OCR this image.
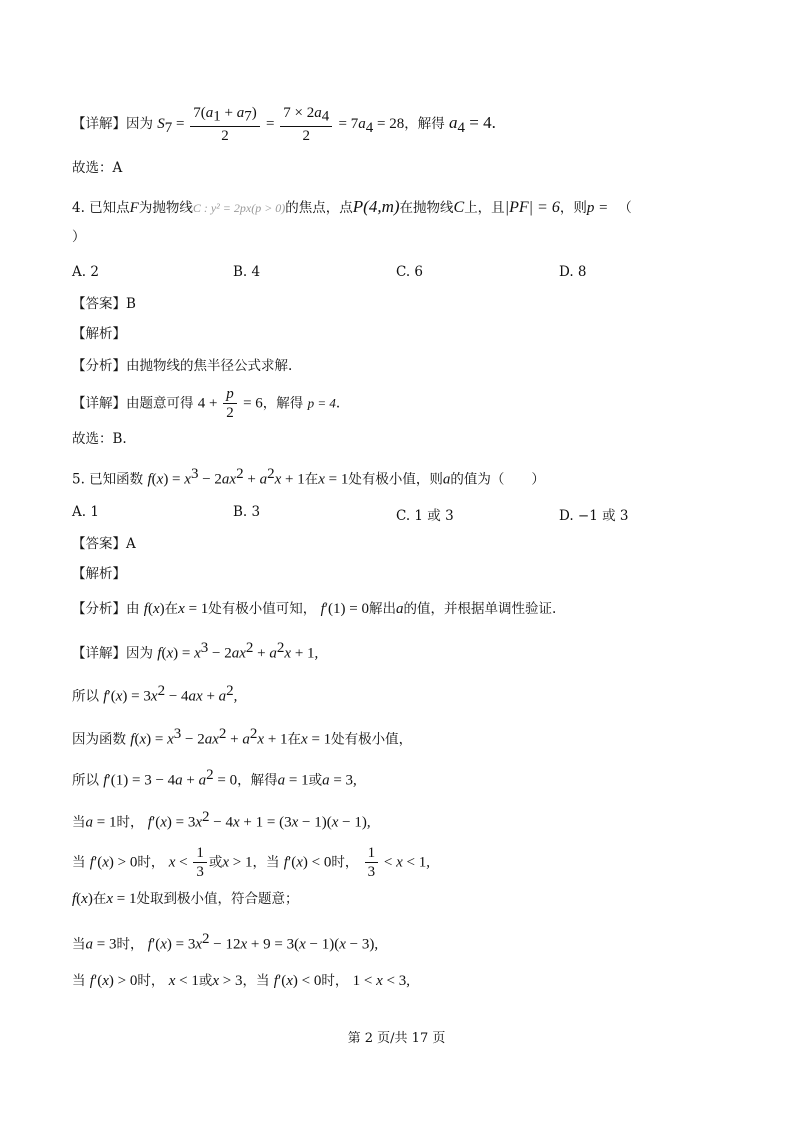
【详解】因为 $S_7 = \frac{7(a_1 + a_7)}{2} = \frac{7 \times 2a_4}{2} = 7a_4 = 28$，解得 $a_4 = 4$.
故选：A
4. 已知点F为抛物线C : y² = 2px(p > 0)的焦点，点P(4,m)在抛物线C上，且|PF| = 6，则p = （
）
A. 2	B. 4	C. 6	D. 8
【答案】B
【解析】
【分析】由抛物线的焦半径公式求解.
【详解】由题意可得 $4 + \frac{p}{2} = 6$，解得 p = 4.
故选：B.
5. 已知函数 $f(x) = x^3 - 2ax^2 + a^2x + 1$在x = 1处有极小值，则a的值为（　　）
A. 1	B. 3	C. 1 或 3	D. −1 或 3
【答案】A
【解析】
【分析】由 f(x)在x = 1处有极小值可知， f′(1) = 0解出a的值，并根据单调性验证.
【详解】因为 $f(x) = x^3 - 2ax^2 + a^2x + 1$,
所以 $f'(x) = 3x^2 - 4ax + a^2$,
因为函数 $f(x) = x^3 - 2ax^2 + a^2x + 1$在x = 1处有极小值，
所以 $f'(1) = 3 - 4a + a^2 = 0$，解得a = 1或a = 3,
当a = 1时， $f'(x) = 3x^2 - 4x + 1 = (3x - 1)(x - 1)$,
当 f′(x) > 0时， $x < \frac{1}{3}$ 或x > 1，当 f′(x) < 0时， $\frac{1}{3} < x < 1$,
f(x)在x = 1处取到极小值，符合题意；
当a = 3时， $f'(x) = 3x^2 - 12x + 9 = 3(x - 1)(x - 3)$,
当 f′(x) > 0时， x < 1或x > 3，当 f′(x) < 0时， 1 < x < 3,
第 2 页/共 17 页
